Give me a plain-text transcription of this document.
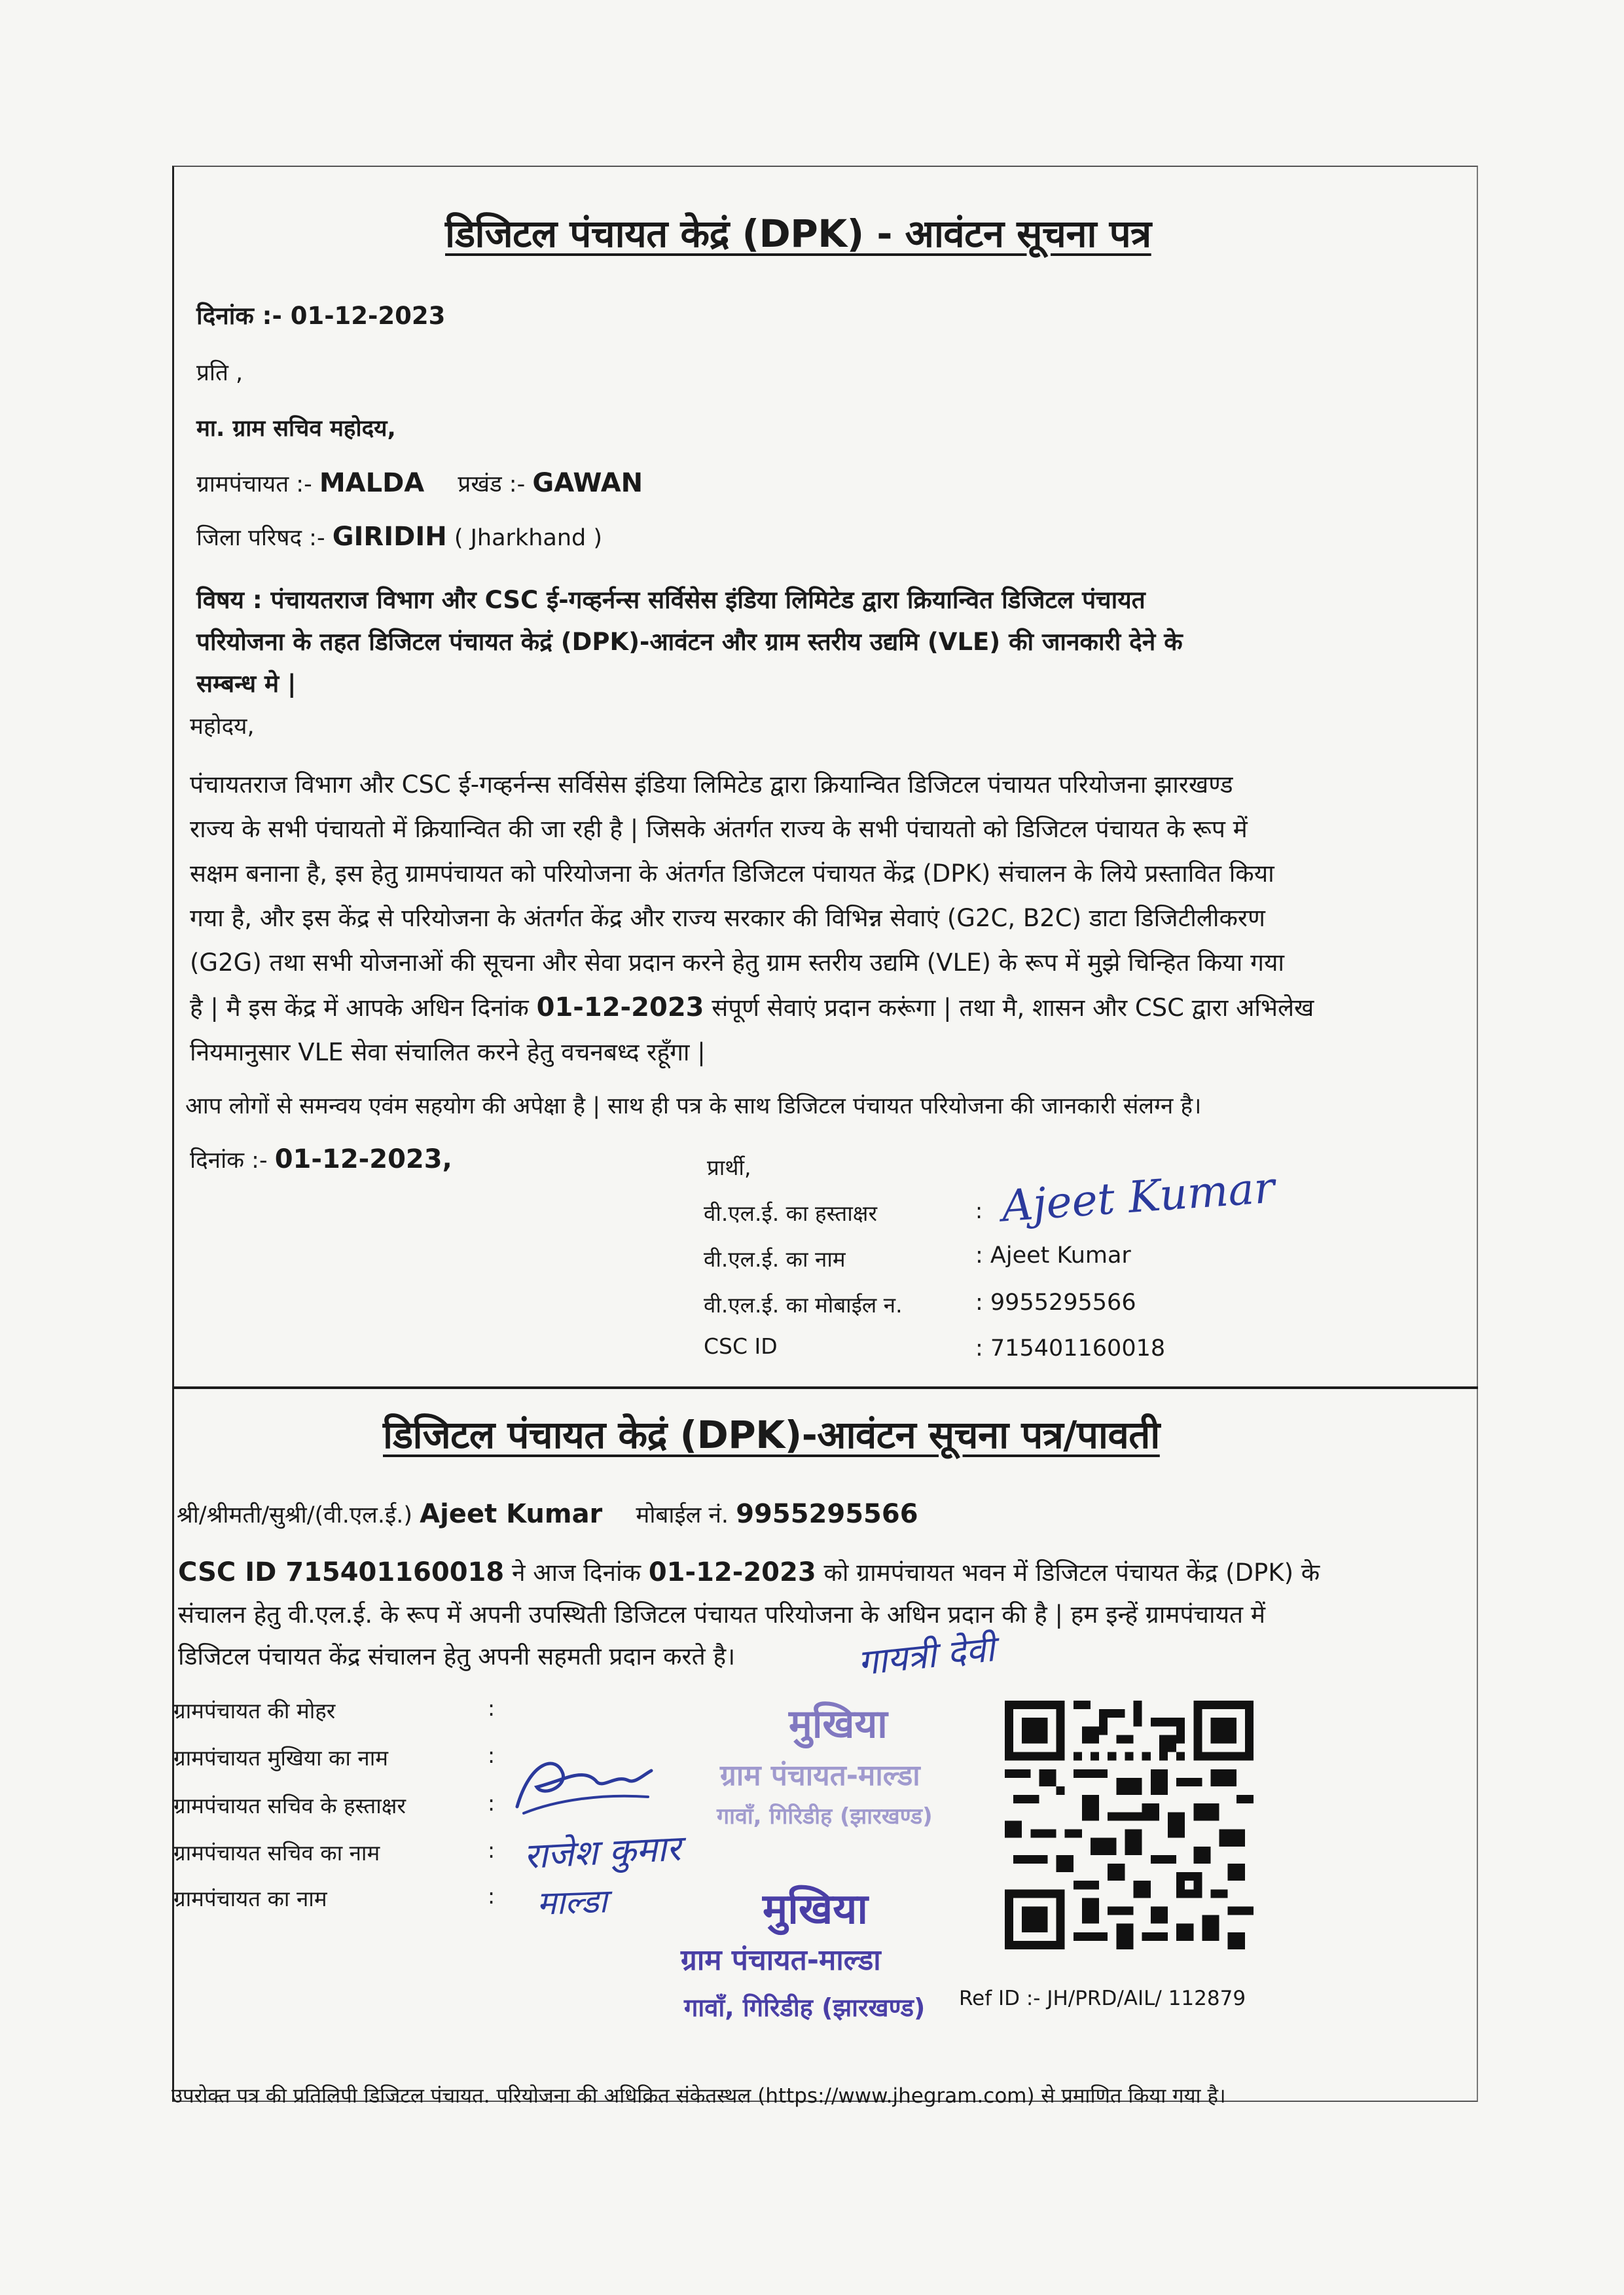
डिजिटल पंचायत केद्रं (DPK) - आवंटन सूचना पत्र
दिनांक :- 01-12-2023
प्रति ,
मा. ग्राम सचिव महोदय,
ग्रामपंचायत :- MALDA प्रखंड :- GAWAN
जिला परिषद :- GIRIDIH ( Jharkhand )
विषय : पंचायतराज विभाग और CSC ई-गव्हर्नन्स सर्विसेस इंडिया लिमिटेड द्वारा क्रियान्वित डिजिटल पंचायत
परियोजना के तहत डिजिटल पंचायत केद्रं (DPK)-आवंटन और ग्राम स्तरीय उद्यमि (VLE) की जानकारी देने के
सम्बन्ध मे |
महोदय,
पंचायतराज विभाग और CSC ई-गव्हर्नन्स सर्विसेस इंडिया लिमिटेड द्वारा क्रियान्वित डिजिटल पंचायत परियोजना झारखण्ड
राज्य के सभी पंचायतो में क्रियान्वित की जा रही है | जिसके अंतर्गत राज्य के सभी पंचायतो को डिजिटल पंचायत के रूप में
सक्षम बनाना है, इस हेतु ग्रामपंचायत को परियोजना के अंतर्गत डिजिटल पंचायत केंद्र (DPK) संचालन के लिये प्रस्तावित किया
गया है, और इस केंद्र से परियोजना के अंतर्गत केंद्र और राज्य सरकार की विभिन्न सेवाएं (G2C, B2C) डाटा डिजिटीलीकरण
(G2G) तथा सभी योजनाओं की सूचना और सेवा प्रदान करने हेतु ग्राम स्तरीय उद्यमि (VLE) के रूप में मुझे चिन्हित किया गया
है | मै इस केंद्र में आपके अधिन दिनांक 01-12-2023 संपूर्ण सेवाएं प्रदान करूंगा | तथा मै, शासन और CSC द्वारा अभिलेख
नियमानुसार VLE सेवा संचालित करने हेतु वचनबध्द रहूँगा |
आप लोगों से समन्वय एवंम सहयोग की अपेक्षा है | साथ ही पत्र के साथ डिजिटल पंचायत परियोजना की जानकारी संलग्न है।
दिनांक :- 01-12-2023,	प्रार्थी,
वी.एल.ई. का हस्ताक्षर	: Ajeet Kumar
वी.एल.ई. का नाम	: Ajeet Kumar
वी.एल.ई. का मोबाईल न.	: 9955295566
CSC ID	: 715401160018
डिजिटल पंचायत केद्रं (DPK)-आवंटन सूचना पत्र/पावती
श्री/श्रीमती/सुश्री/(वी.एल.ई.) Ajeet Kumar मोबाईल नं. 9955295566
CSC ID 715401160018 ने आज दिनांक 01-12-2023 को ग्रामपंचायत भवन में डिजिटल पंचायत केंद्र (DPK) के
संचालन हेतु वी.एल.ई. के रूप में अपनी उपस्थिती डिजिटल पंचायत परियोजना के अधिन प्रदान की है | हम इन्हें ग्रामपंचायत में
डिजिटल पंचायत केंद्र संचालन हेतु अपनी सहमती प्रदान करते है।
ग्रामपंचायत की मोहर	:
ग्रामपंचायत मुखिया का नाम	:
ग्रामपंचायत सचिव के हस्ताक्षर	:
ग्रामपंचायत सचिव का नाम	:
ग्रामपंचायत का नाम	:
गायत्री देवी
राजेश कुमार
माल्डा
मुखिया
ग्राम पंचायत-माल्डा
गावाँ, गिरिडीह (झारखण्ड)
मुखिया
ग्राम पंचायत-माल्डा
गावाँ, गिरिडीह (झारखण्ड) Ref ID :- JH/PRD/AIL/ 112879
उपरोक्त पत्र की प्रतिलिपी डिजिटल पंचायत. परियोजना की अधिक्रित संकेतस्थल (https://www.jhegram.com) से प्रमाणित किया गया है।
